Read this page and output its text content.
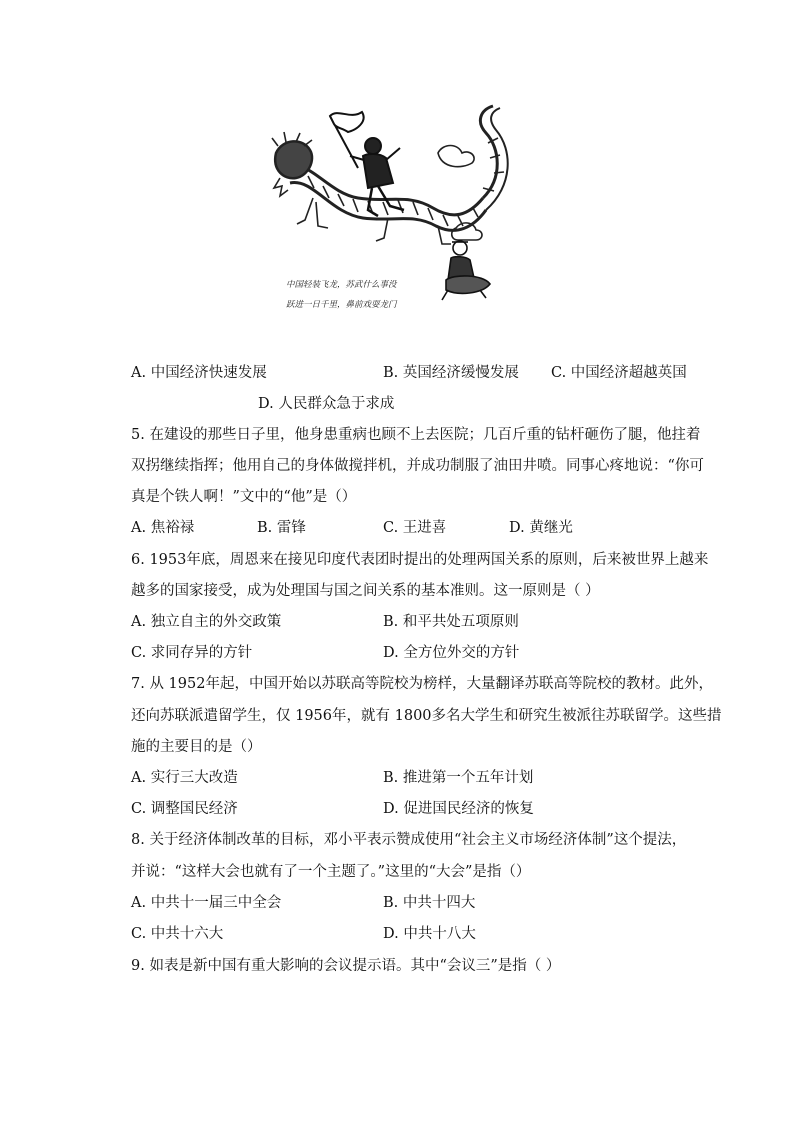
中国轻装飞龙，苏武什么事没
跃进一日千里，鼻前戏耍龙门
A. 中国经济快速发展	B. 英国经济缓慢发展 C. 中国经济超越英国
D. 人民群众急于求成
5. 在建设的那些日子里，他身患重病也顾不上去医院；几百斤重的钻杆砸伤了腿，他拄着
双拐继续指挥；他用自己的身体做搅拌机，并成功制服了油田井喷。同事心疼地说：“你可
真是个铁人啊！”文中的“他”是（）
A. 焦裕禄	B. 雷锋	C. 王进喜	D. 黄继光
6. 1953年底，周恩来在接见印度代表团时提出的处理两国关系的原则，后来被世界上越来
越多的国家接受，成为处理国与国之间关系的基本准则。这一原则是（ ）
A. 独立自主的外交政策	B. 和平共处五项原则
C. 求同存异的方针	D. 全方位外交的方针
7. 从 1952年起，中国开始以苏联高等院校为榜样，大量翻译苏联高等院校的教材。此外，
还向苏联派遣留学生，仅 1956年，就有 1800多名大学生和研究生被派往苏联留学。这些措
施的主要目的是（）
A. 实行三大改造	B. 推进第一个五年计划
C. 调整国民经济	D. 促进国民经济的恢复
8. 关于经济体制改革的目标，邓小平表示赞成使用“社会主义市场经济体制”这个提法，
并说：“这样大会也就有了一个主题了。”这里的“大会”是指（）
A. 中共十一届三中全会	B. 中共十四大
C. 中共十六大	D. 中共十八大
9. 如表是新中国有重大影响的会议提示语。其中“会议三”是指（ ）
